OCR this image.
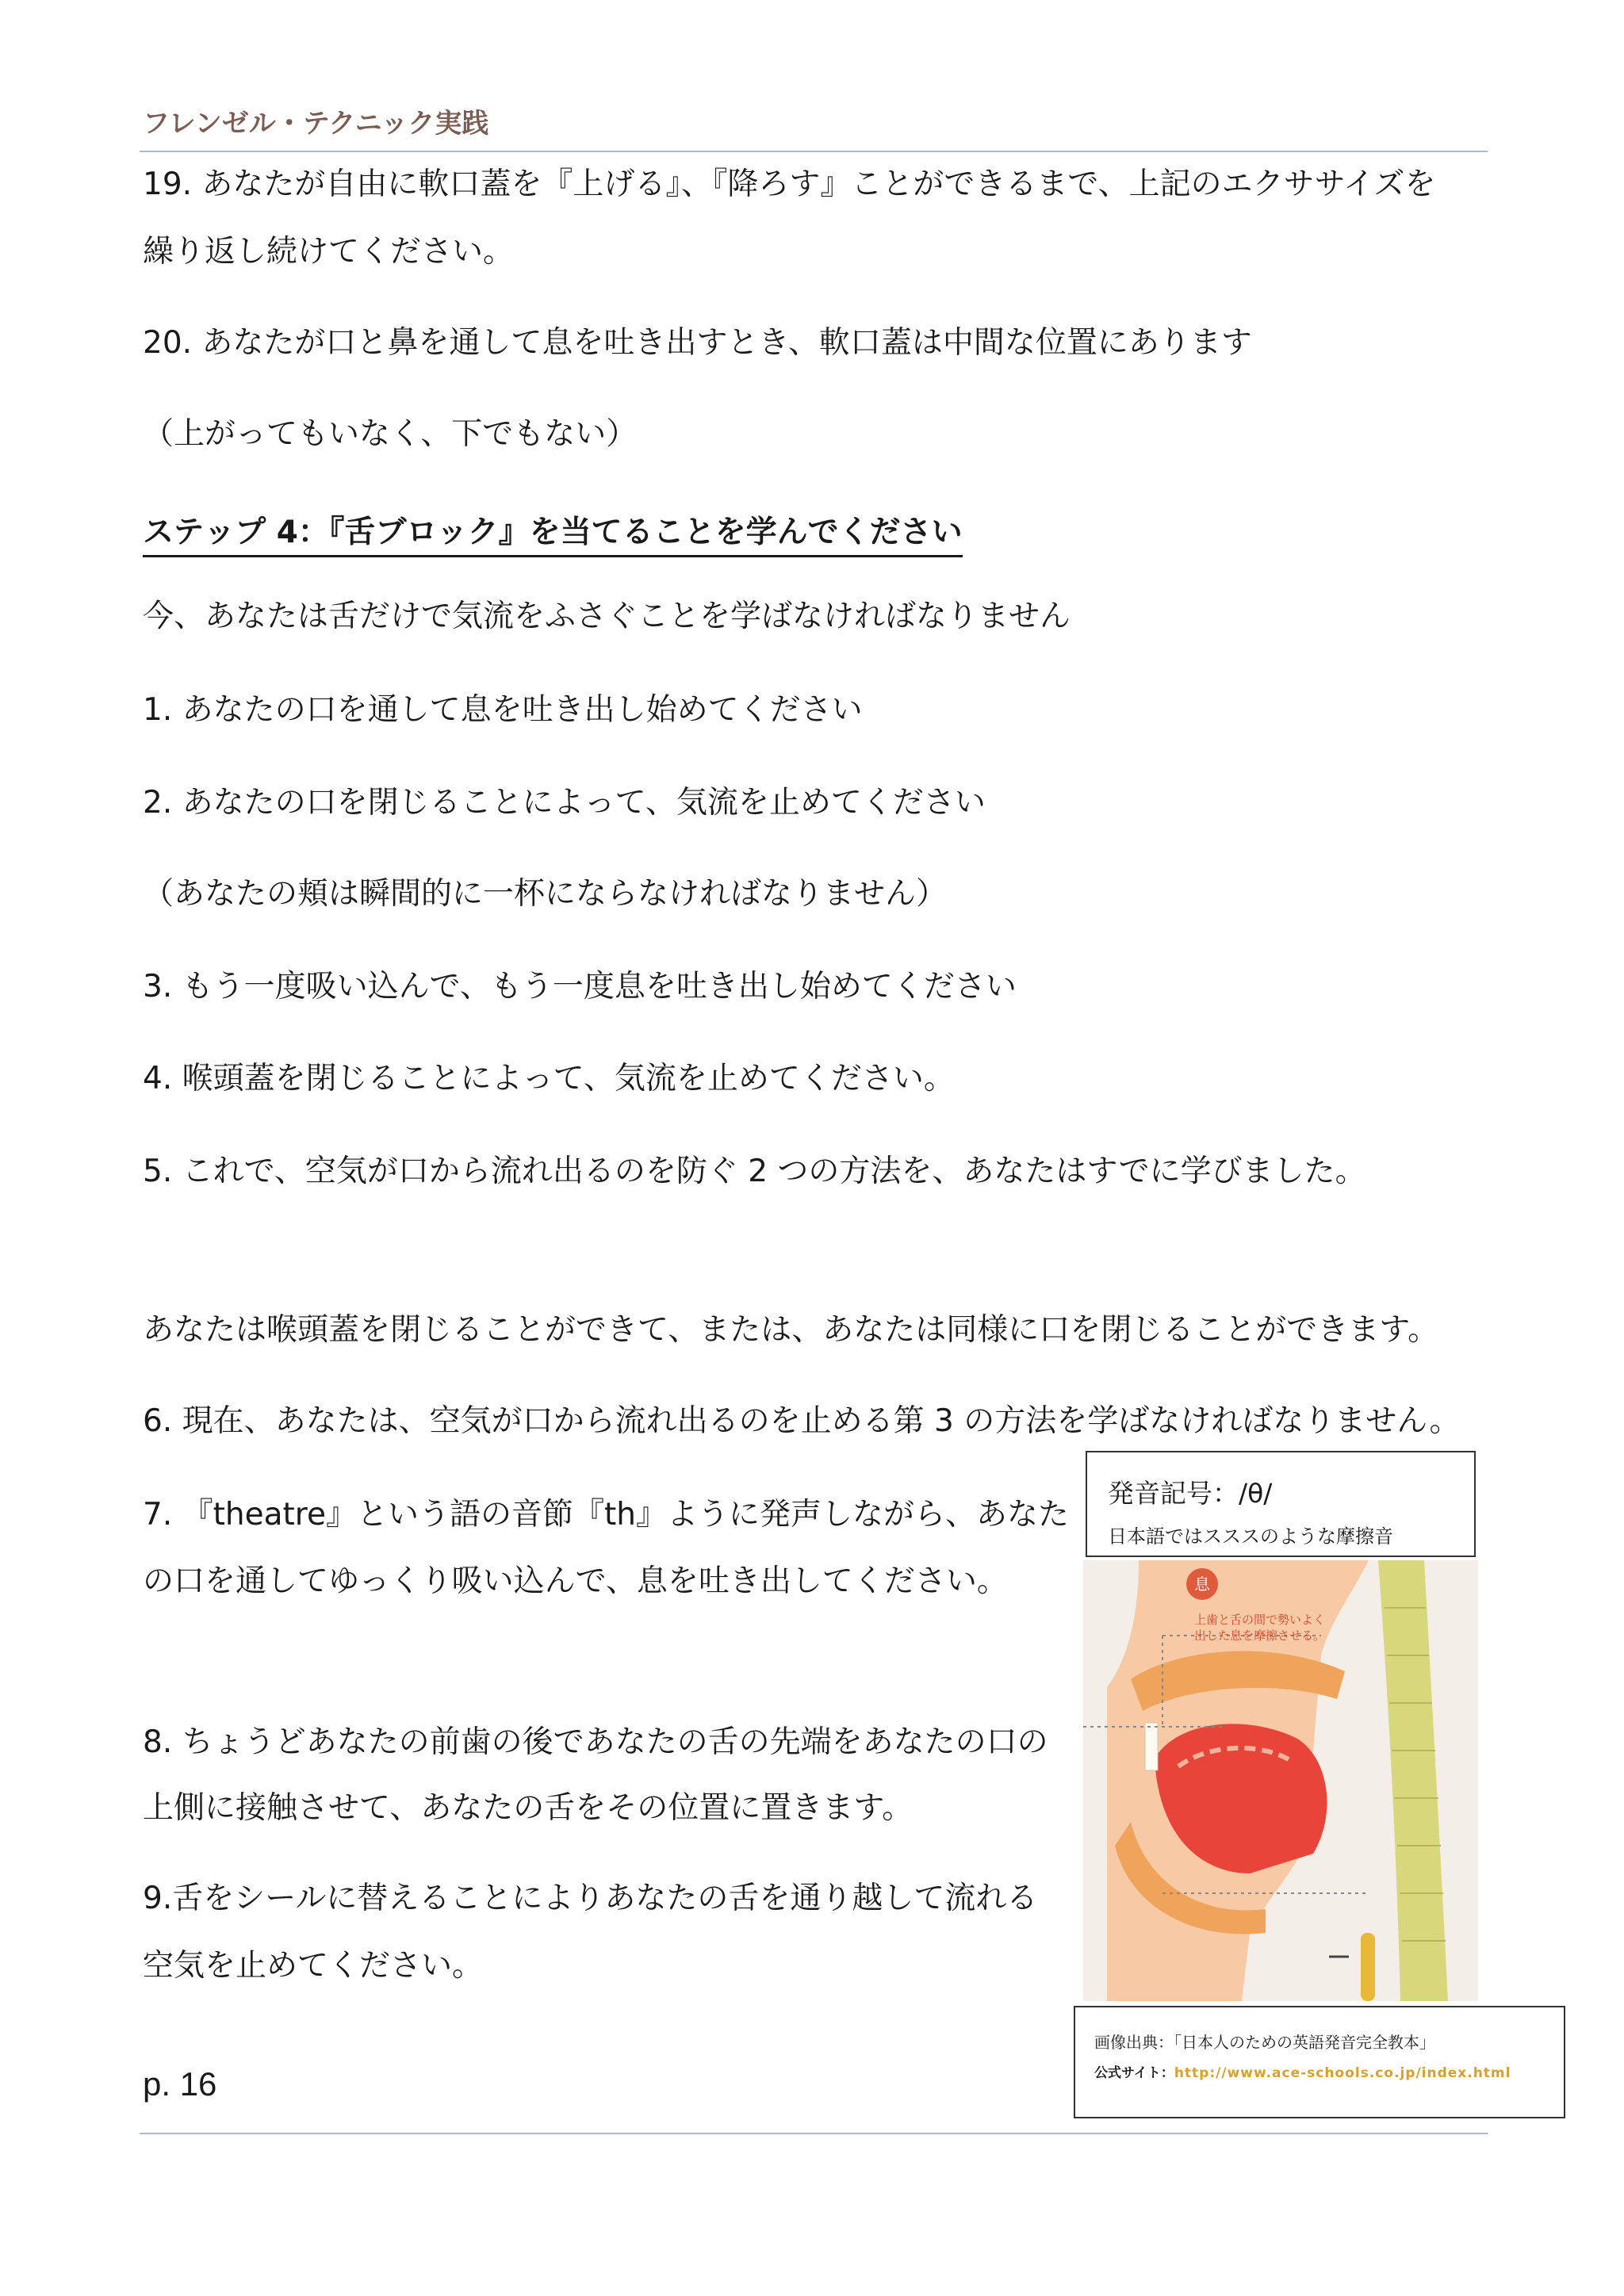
フレンゼル・テクニック実践
19. あなたが自由に軟口蓋を『上げる』、『降ろす』ことができるまで、上記のエクササイズを
繰り返し続けてください。
20. あなたが口と鼻を通して息を吐き出すとき、軟口蓋は中間な位置にあります
（上がってもいなく、下でもない）
ステップ 4：『舌ブロック』を当てることを学んでください
今、あなたは舌だけで気流をふさぐことを学ばなければなりません
1. あなたの口を通して息を吐き出し始めてください
2. あなたの口を閉じることによって、気流を止めてください
（あなたの頬は瞬間的に一杯にならなければなりません）
3. もう一度吸い込んで、もう一度息を吐き出し始めてください
4. 喉頭蓋を閉じることによって、気流を止めてください。
5. これで、空気が口から流れ出るのを防ぐ 2 つの方法を、あなたはすでに学びました。
あなたは喉頭蓋を閉じることができて、または、あなたは同様に口を閉じることができます。
6. 現在、あなたは、空気が口から流れ出るのを止める第 3 の方法を学ばなければなりません。
7. 『theatre』という語の音節『th』ように発声しながら、あなた
の口を通してゆっくり吸い込んで、息を吐き出してください。
8. ちょうどあなたの前歯の後であなたの舌の先端をあなたの口の
上側に接触させて、あなたの舌をその位置に置きます。
9.舌をシールに替えることによりあなたの舌を通り越して流れる
空気を止めてください。
発音記号：/θ/
日本語ではスススのような摩擦音
息
上歯と舌の間で勢いよく
出した息を摩擦させる。
画像出典：「日本人のための英語発音完全教本」
公式サイト：http://www.ace-schools.co.jp/index.html
p. 16
